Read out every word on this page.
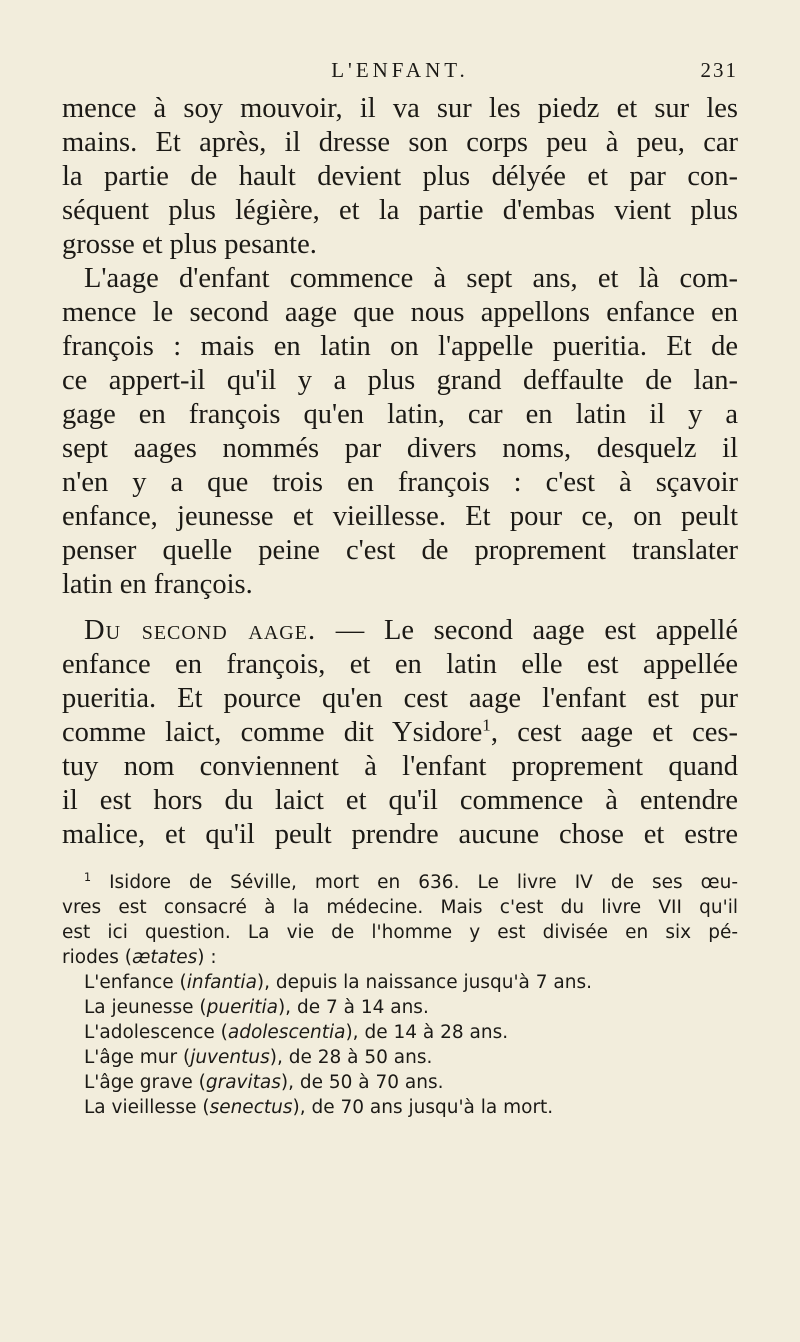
L'ENFANT.	231
mence à soy mouvoir, il va sur les piedz et sur les
mains. Et après, il dresse son corps peu à peu, car
la partie de hault devient plus délyée et par con-
séquent plus légière, et la partie d'embas vient plus
grosse et plus pesante.
L'aage d'enfant commence à sept ans, et là com-
mence le second aage que nous appellons enfance en
françois : mais en latin on l'appelle pueritia. Et de
ce appert-il qu'il y a plus grand deffaulte de lan-
gage en françois qu'en latin, car en latin il y a
sept aages nommés par divers noms, desquelz il
n'en y a que trois en françois : c'est à sçavoir
enfance, jeunesse et vieillesse. Et pour ce, on peult
penser quelle peine c'est de proprement translater
latin en françois.
Du second aage. — Le second aage est appellé
enfance en françois, et en latin elle est appellée
pueritia. Et pource qu'en cest aage l'enfant est pur
comme laict, comme dit Ysidore$^1$, cest aage et ces-
tuy nom conviennent à l'enfant proprement quand
il est hors du laict et qu'il commence à entendre
malice, et qu'il peult prendre aucune chose et estre
$^1$ Isidore de Séville, mort en 636. Le livre IV de ses œu-
vres est consacré à la médecine. Mais c'est du livre VII qu'il
est ici question. La vie de l'homme y est divisée en six pé-
riodes (ætates) :
L'enfance (infantia), depuis la naissance jusqu'à 7 ans.
La jeunesse (pueritia), de 7 à 14 ans.
L'adolescence (adolescentia), de 14 à 28 ans.
L'âge mur (juventus), de 28 à 50 ans.
L'âge grave (gravitas), de 50 à 70 ans.
La vieillesse (senectus), de 70 ans jusqu'à la mort.
